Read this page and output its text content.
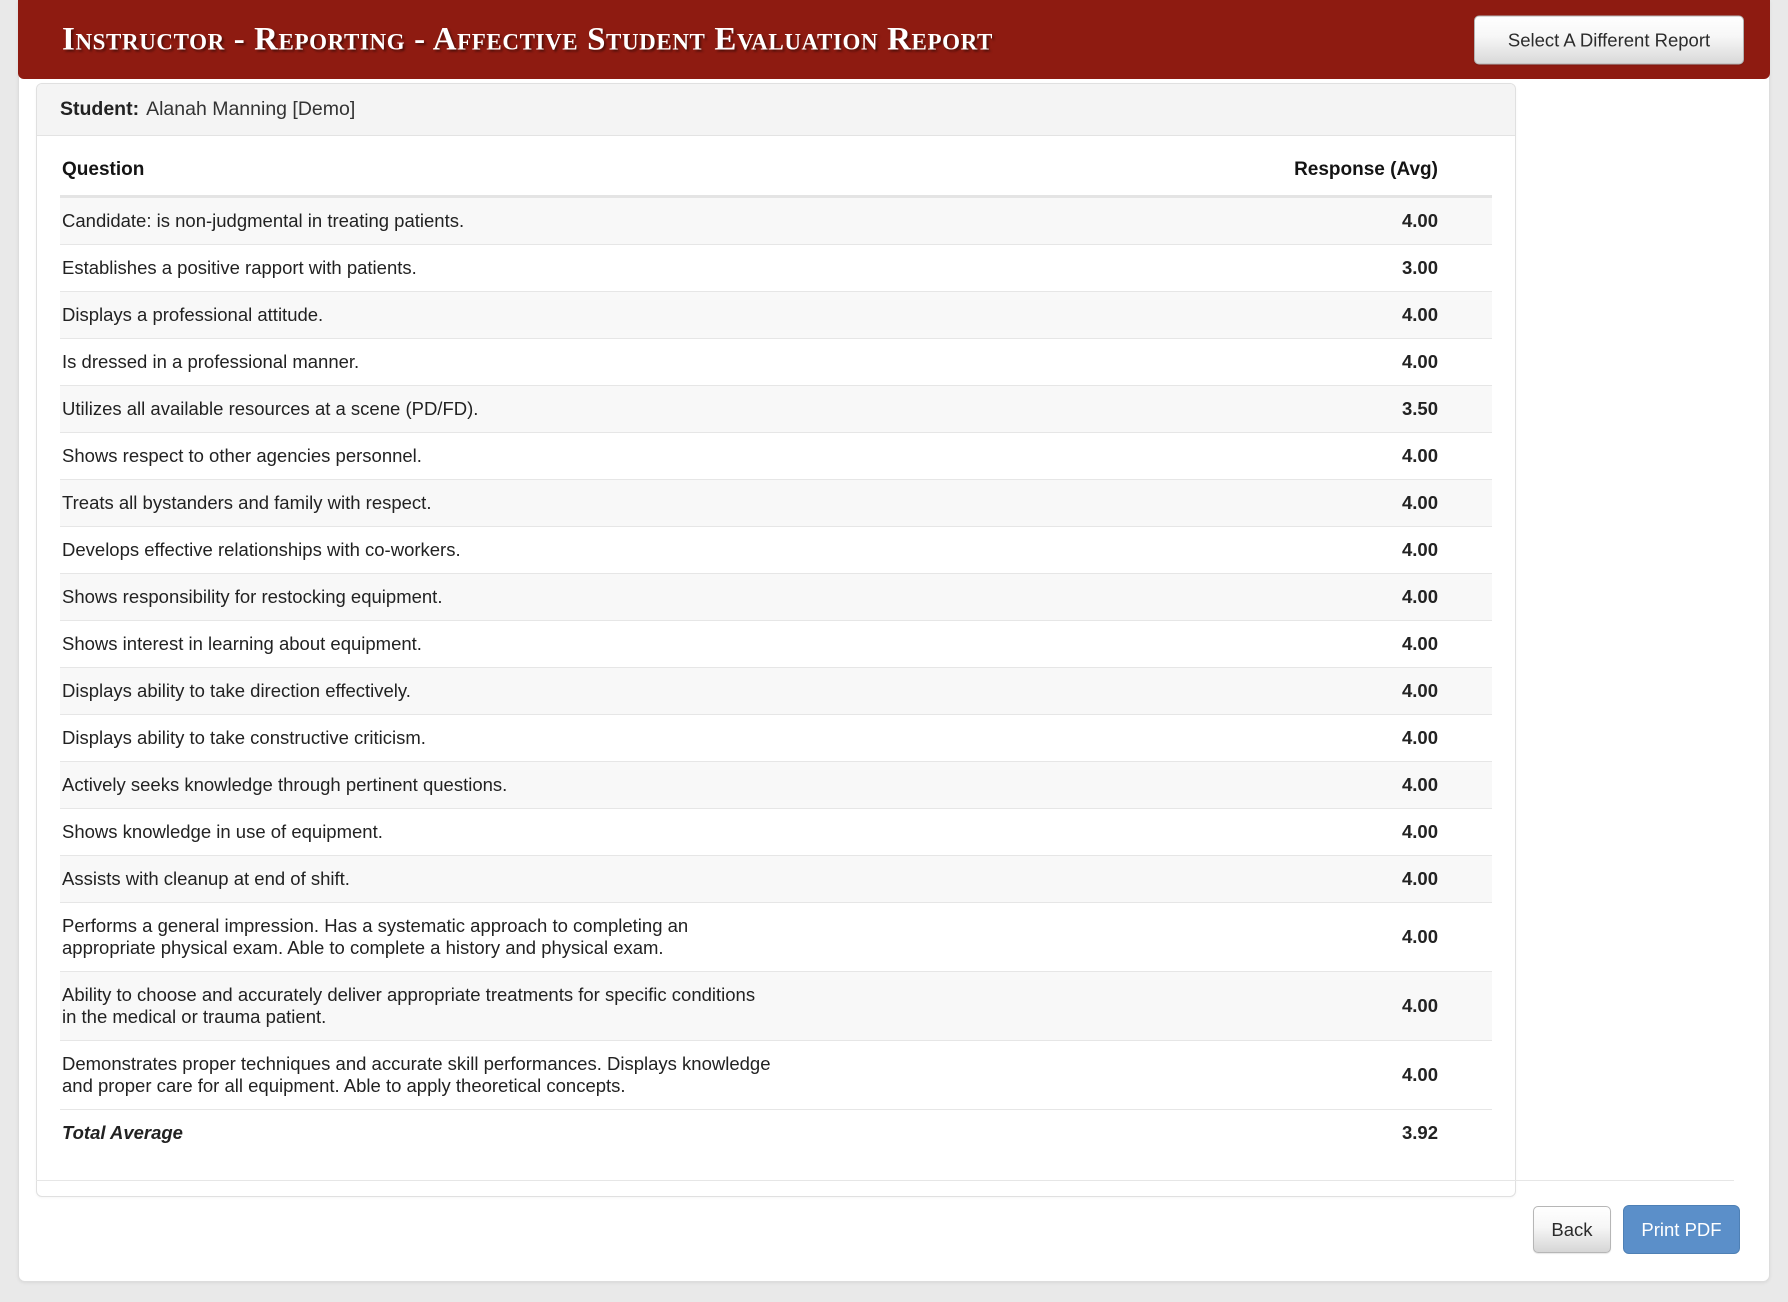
Instructor - Reporting - Affective Student Evaluation Report	Select A Different Report
Student: Alanah Manning [Demo]
Question	Response (Avg)
Candidate: is non-judgmental in treating patients.	4.00
Establishes a positive rapport with patients.	3.00
Displays a professional attitude.	4.00
Is dressed in a professional manner.	4.00
Utilizes all available resources at a scene (PD/FD).	3.50
Shows respect to other agencies personnel.	4.00
Treats all bystanders and family with respect.	4.00
Develops effective relationships with co-workers.	4.00
Shows responsibility for restocking equipment.	4.00
Shows interest in learning about equipment.	4.00
Displays ability to take direction effectively.	4.00
Displays ability to take constructive criticism.	4.00
Actively seeks knowledge through pertinent questions.	4.00
Shows knowledge in use of equipment.	4.00
Assists with cleanup at end of shift.	4.00
Performs a general impression. Has a systematic approach to completing an appropriate physical exam. Able to complete a history and physical exam.	4.00
Ability to choose and accurately deliver appropriate treatments for specific conditions in the medical or trauma patient.	4.00
Demonstrates proper techniques and accurate skill performances. Displays knowledge and proper care for all equipment. Able to apply theoretical concepts.	4.00
Total Average	3.92
Back	Print PDF
